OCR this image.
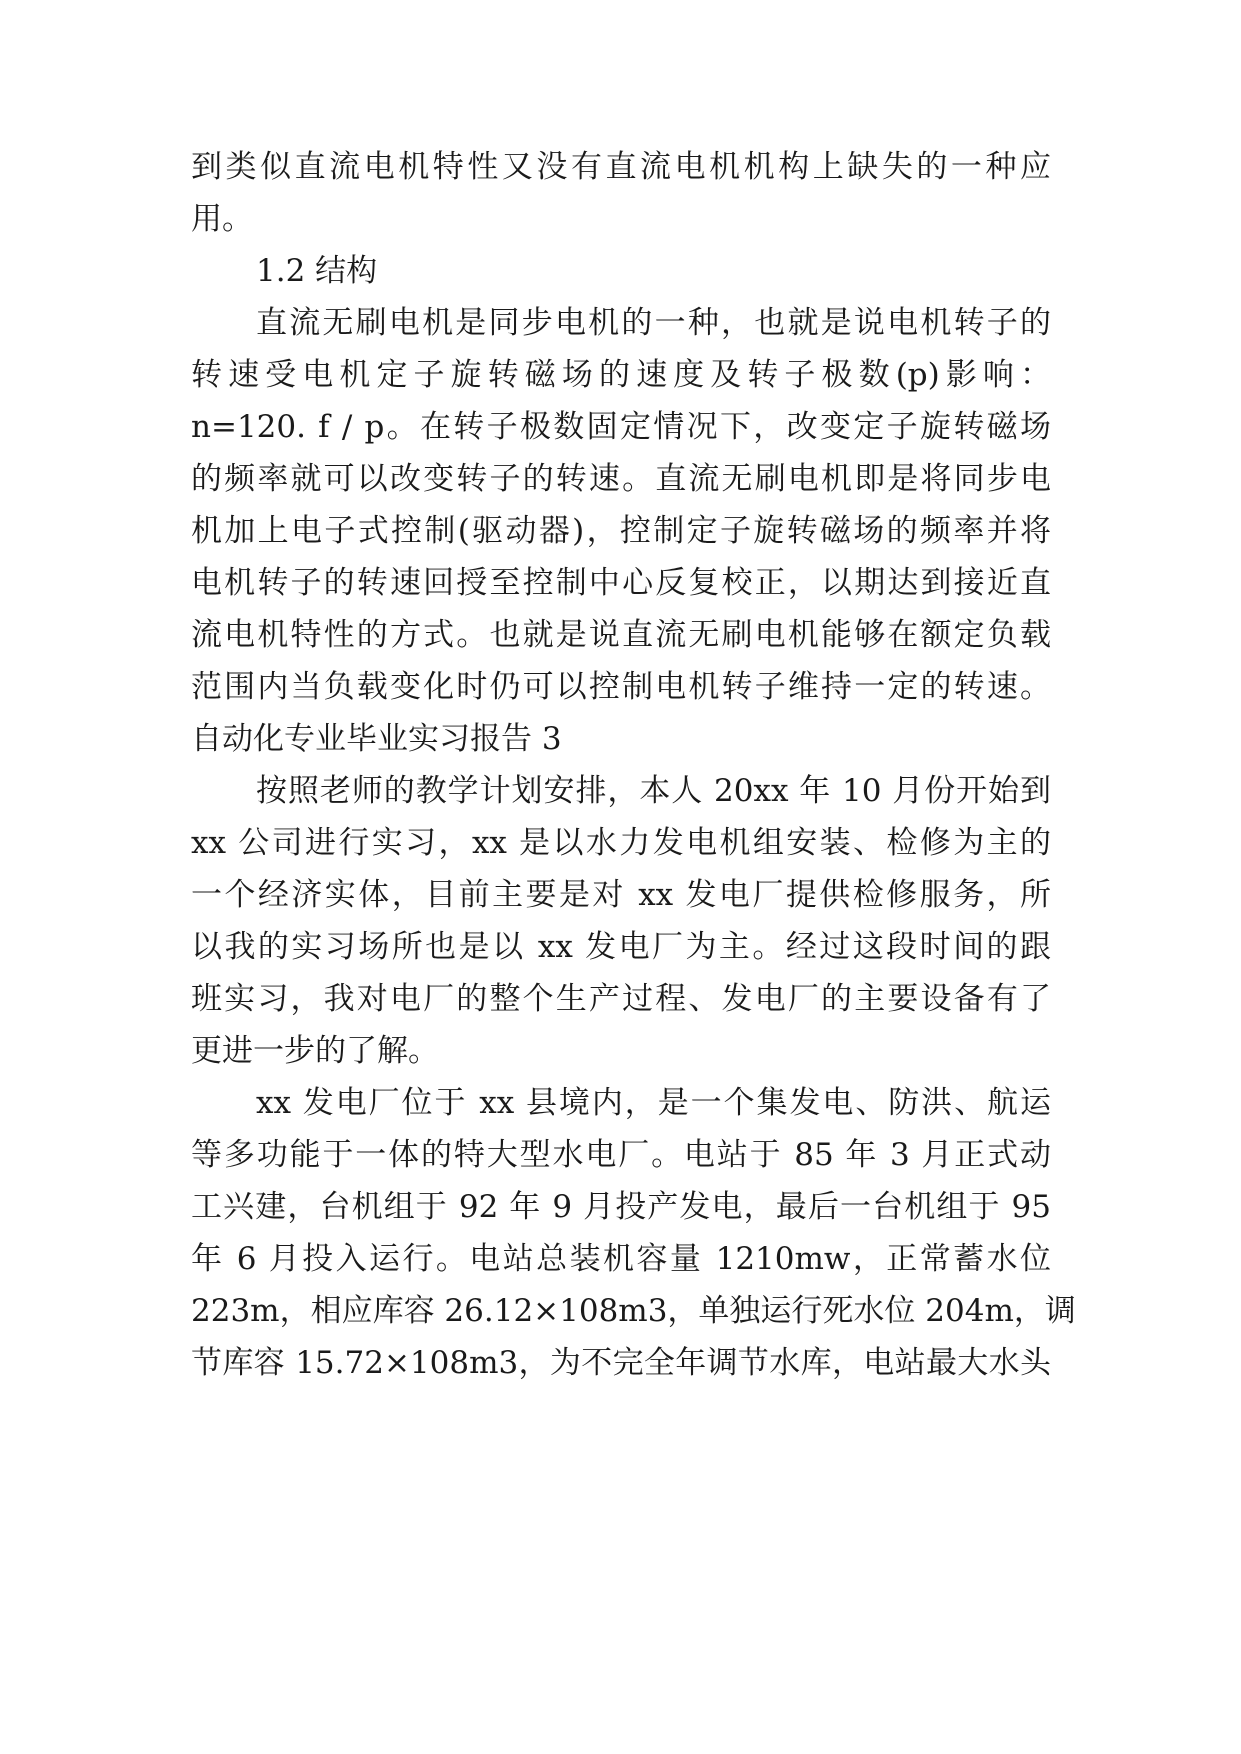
到类似直流电机特性又没有直流电机机构上缺失的一种应
用。
1.2 结构
直流无刷电机是同步电机的一种，也就是说电机转子的
转速受电机定子旋转磁场的速度及转子极数(p)影响：
n=120. f / p。在转子极数固定情况下，改变定子旋转磁场
的频率就可以改变转子的转速。直流无刷电机即是将同步电
机加上电子式控制(驱动器)，控制定子旋转磁场的频率并将
电机转子的转速回授至控制中心反复校正，以期达到接近直
流电机特性的方式。也就是说直流无刷电机能够在额定负载
范围内当负载变化时仍可以控制电机转子维持一定的转速。
自动化专业毕业实习报告 3
按照老师的教学计划安排，本人 20xx 年 10 月份开始到
xx 公司进行实习，xx 是以水力发电机组安装、检修为主的
一个经济实体，目前主要是对 xx 发电厂提供检修服务，所
以我的实习场所也是以 xx 发电厂为主。经过这段时间的跟
班实习，我对电厂的整个生产过程、发电厂的主要设备有了
更进一步的了解。
xx 发电厂位于 xx 县境内，是一个集发电、防洪、航运
等多功能于一体的特大型水电厂。电站于 85 年 3 月正式动
工兴建，台机组于 92 年 9 月投产发电，最后一台机组于 95
年 6 月投入运行。电站总装机容量 1210mw，正常蓄水位
223m，相应库容 26.12×108m3，单独运行死水位 204m，调
节库容 15.72×108m3，为不完全年调节水库，电站最大水头
